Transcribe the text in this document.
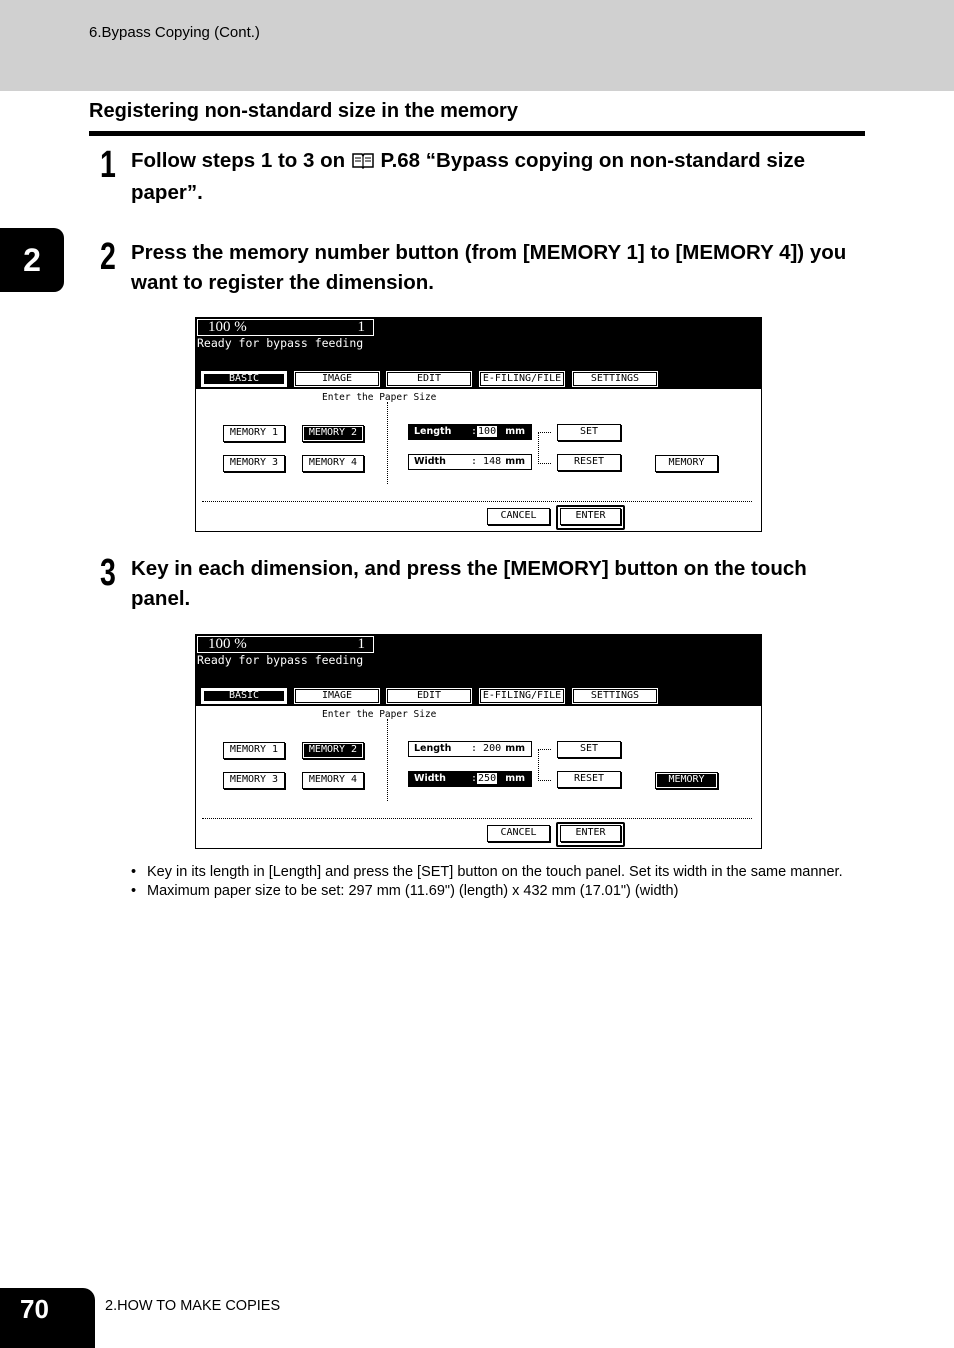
6.Bypass Copying (Cont.)
Registering non-standard size in the memory
2
1 Follow steps 1 to 3 on P.68 “Bypass copying on non-standard size paper”.
2 Press the memory number button (from [MEMORY 1] to [MEMORY 4]) you want to register the dimension.
100 %	1
Ready for bypass feeding
BASIC	IMAGE	EDIT	E-FILING/FILE	SETTINGS
Enter the Paper Size
MEMORY 1	MEMORY 2
MEMORY 3	MEMORY 4
Length :100 mm
Width	: 148 mm
SET
RESET	MEMORY
CANCEL	ENTER
3 Key in each dimension, and press the [MEMORY] button on the touch panel.
100 %	1
Ready for bypass feeding
BASIC	IMAGE	EDIT	E-FILING/FILE	SETTINGS
Enter the Paper Size
MEMORY 1	MEMORY 2
MEMORY 3	MEMORY 4
Length : 200 mm
Width	:250 mm
SET
RESET	MEMORY
CANCEL	ENTER
• Key in its length in [Length] and press the [SET] button on the touch panel. Set its width in the same manner.
• Maximum paper size to be set: 297 mm (11.69") (length) x 432 mm (17.01") (width)
70	2.HOW TO MAKE COPIES
